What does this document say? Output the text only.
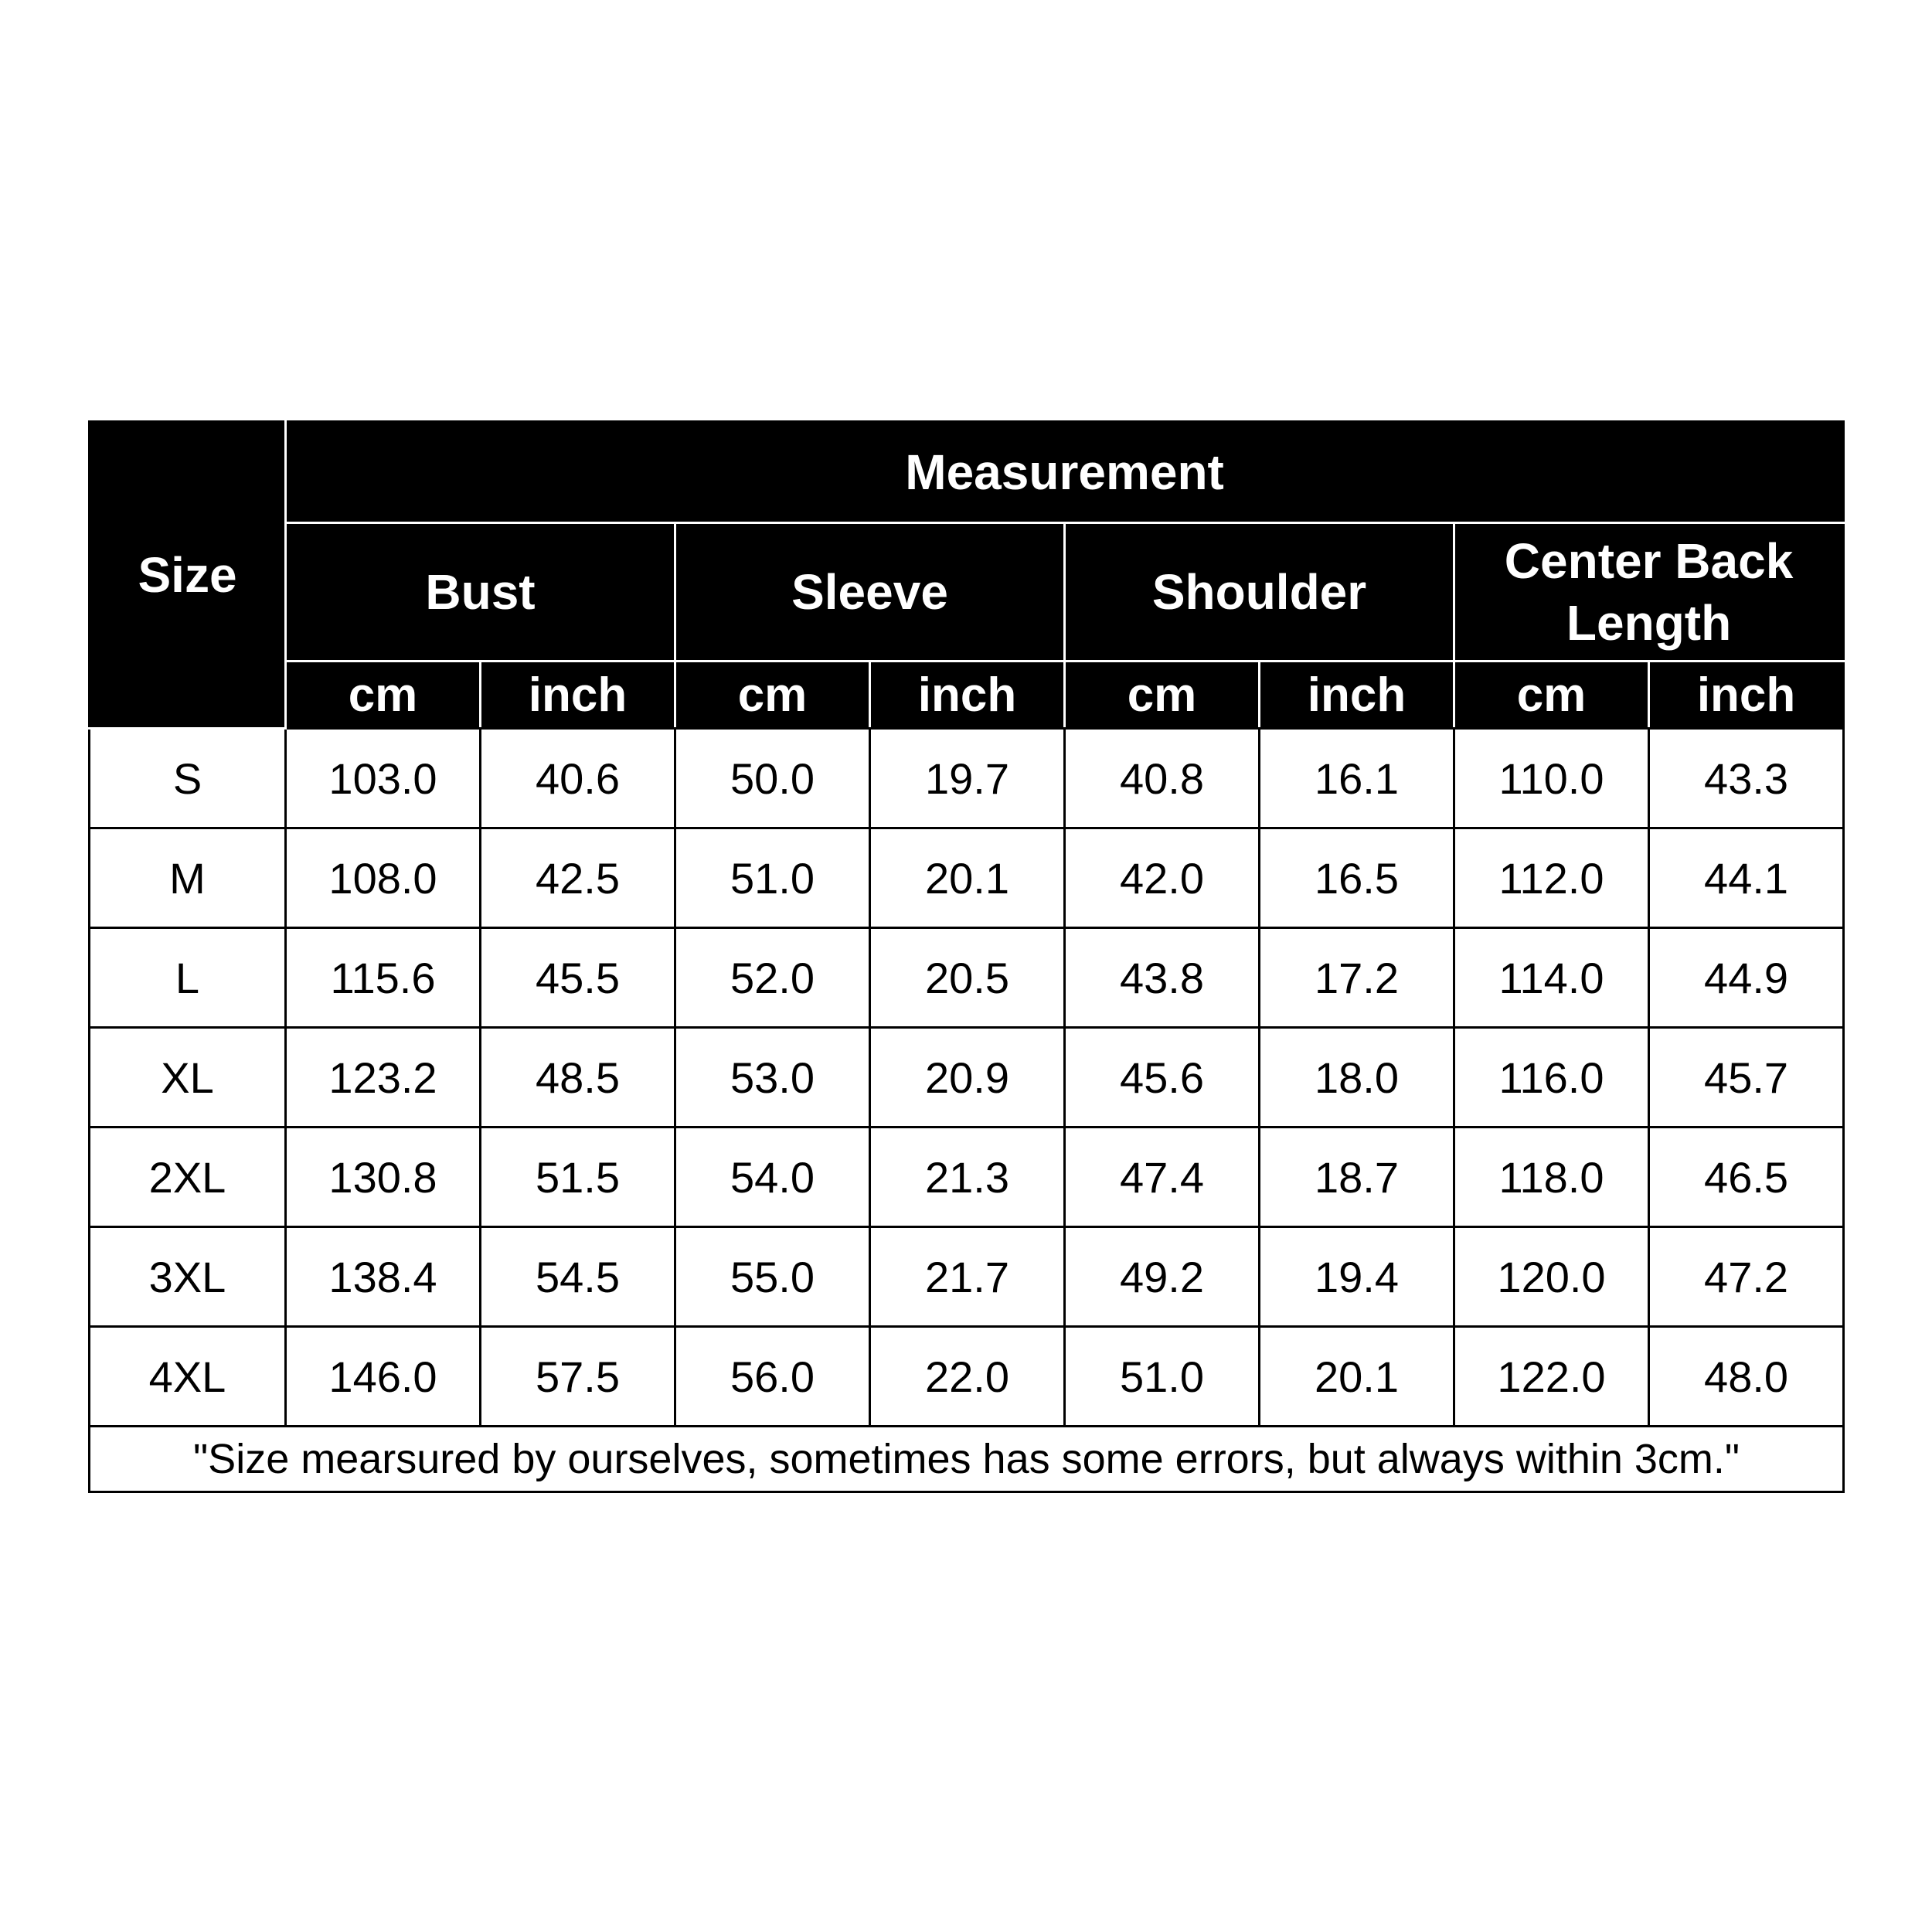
Size	Measurement							
	Bust		Sleeve		Shoulder		Center Back Length	
	cm	inch	cm	inch	cm	inch	cm	inch
S	103.0	40.6	50.0	19.7	40.8	16.1	110.0	43.3
M	108.0	42.5	51.0	20.1	42.0	16.5	112.0	44.1
L	115.6	45.5	52.0	20.5	43.8	17.2	114.0	44.9
XL	123.2	48.5	53.0	20.9	45.6	18.0	116.0	45.7
2XL	130.8	51.5	54.0	21.3	47.4	18.7	118.0	46.5
3XL	138.4	54.5	55.0	21.7	49.2	19.4	120.0	47.2
4XL	146.0	57.5	56.0	22.0	51.0	20.1	122.0	48.0
"Size mearsured by ourselves, sometimes has some errors, but always within 3cm."								
